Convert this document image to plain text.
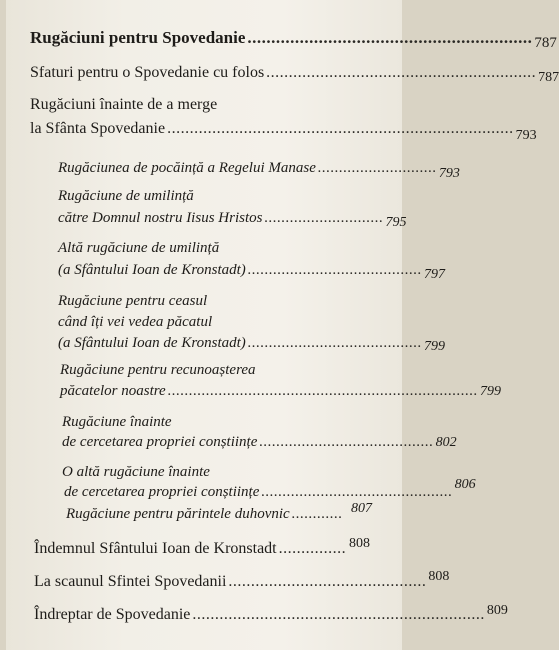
Rugăciuni pentru Spovedanie ............................................................ 787
Sfaturi pentru o Spovedanie cu folos ............................................................ 787
Rugăciuni înainte de a merge
la Sfânta Spovedanie ............................................................................. 793
Rugăciunea de pocăință a Regelui Manase ............................ 793
Rugăciune de umilință
către Domnul nostru Iisus Hristos ............................ 795
Altă rugăciune de umilință
(a Sfântului Ioan de Kronstadt) ......................................... 797
Rugăciune pentru ceasul
când îți vei vedea păcatul
(a Sfântului Ioan de Kronstadt) ......................................... 799
Rugăciune pentru recunoașterea
păcatelor noastre ......................................................................... 799
Rugăciune înainte
de cercetarea propriei conștiințe ......................................... 802
O altă rugăciune înainte
de cercetarea propriei conștiințe ............................................. 806
Rugăciune pentru părintele duhovnic ............ 807
Îndemnul Sfântului Ioan de Kronstadt ............... 808
La scaunul Sfintei Spovedanii ............................................ 808
Îndreptar de Spovedanie ................................................................. 809
